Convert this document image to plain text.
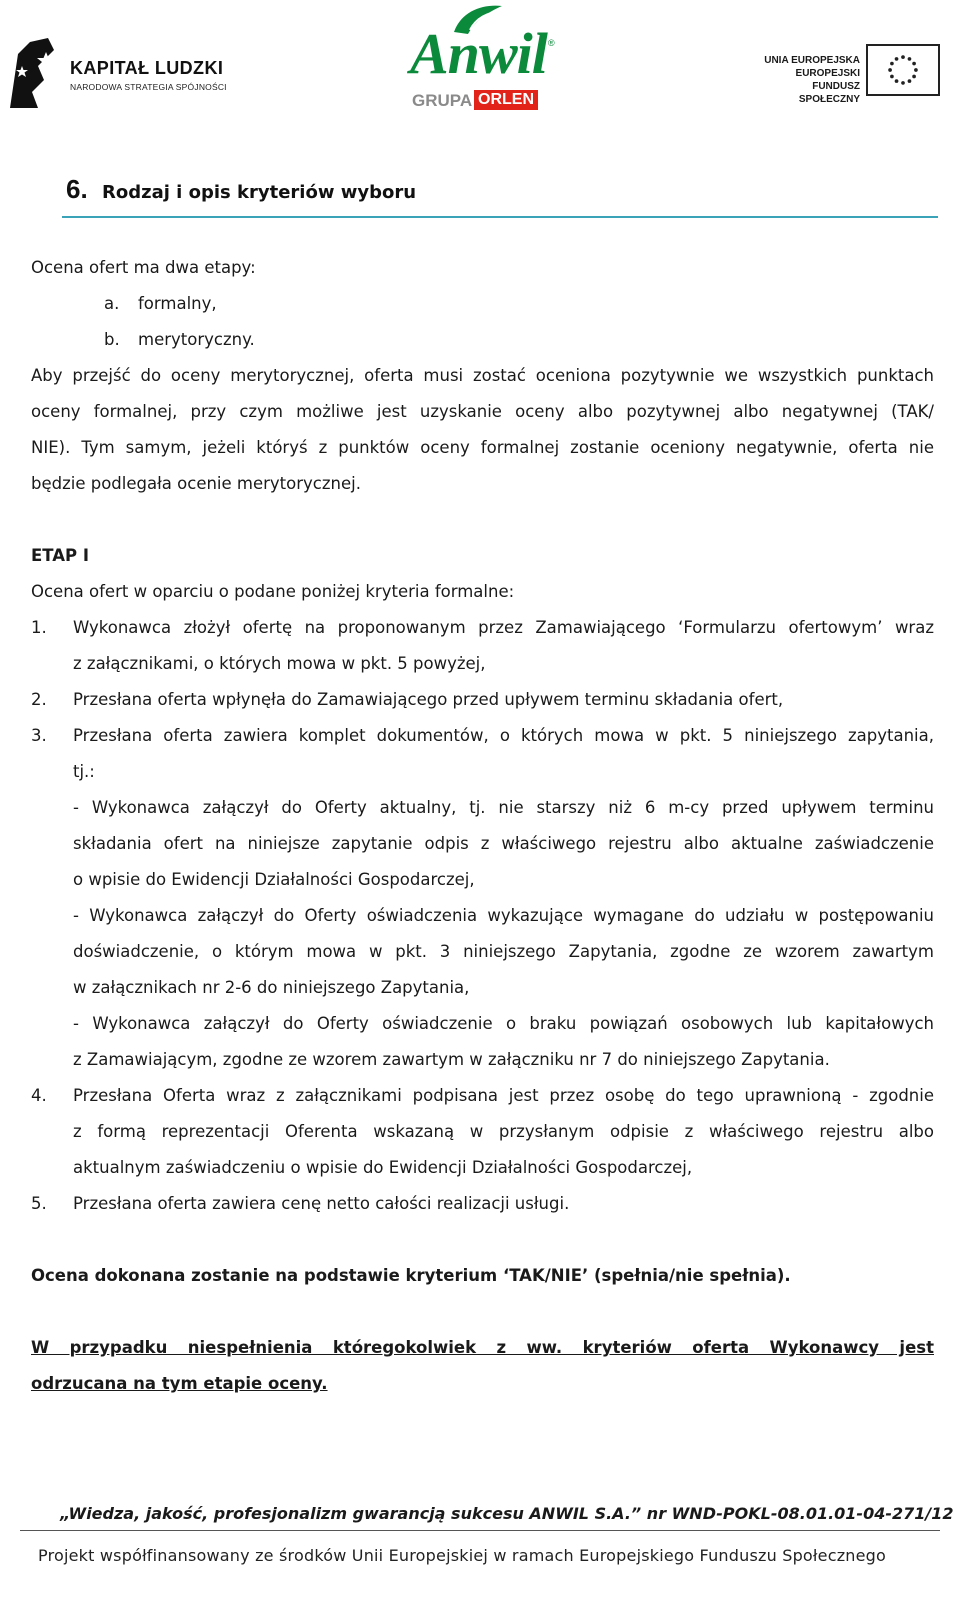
KAPITAŁ LUDZKI
NARODOWA STRATEGIA SPÓJNOŚCI
Anwil ®
GRUPA ORLEN
UNIA EUROPEJSKA
EUROPEJSKI
FUNDUSZ SPOŁECZNY
6. Rodzaj i opis kryteriów wyboru
Ocena ofert ma dwa etapy:
a. formalny,
b. merytoryczny.
Aby przejść do oceny merytorycznej, oferta musi zostać oceniona pozytywnie we wszystkich punktach
oceny formalnej, przy czym możliwe jest uzyskanie oceny albo pozytywnej albo negatywnej (TAK/
NIE). Tym samym, jeżeli któryś z punktów oceny formalnej zostanie oceniony negatywnie, oferta nie
będzie podlegała ocenie merytorycznej.
ETAP I
Ocena ofert w oparciu o podane poniżej kryteria formalne:
1. Wykonawca złożył ofertę na proponowanym przez Zamawiającego ‘Formularzu ofertowym’ wraz
z załącznikami, o których mowa w pkt. 5 powyżej,
2. Przesłana oferta wpłynęła do Zamawiającego przed upływem terminu składania ofert,
3. Przesłana oferta zawiera komplet dokumentów, o których mowa w pkt. 5 niniejszego zapytania,
tj.:
- Wykonawca załączył do Oferty aktualny, tj. nie starszy niż 6 m-cy przed upływem terminu
składania ofert na niniejsze zapytanie odpis z właściwego rejestru albo aktualne zaświadczenie
o wpisie do Ewidencji Działalności Gospodarczej,
- Wykonawca załączył do Oferty oświadczenia wykazujące wymagane do udziału w postępowaniu
doświadczenie, o którym mowa w pkt. 3 niniejszego Zapytania, zgodne ze wzorem zawartym
w załącznikach nr 2-6 do niniejszego Zapytania,
- Wykonawca załączył do Oferty oświadczenie o braku powiązań osobowych lub kapitałowych
z Zamawiającym, zgodne ze wzorem zawartym w załączniku nr 7 do niniejszego Zapytania.
4. Przesłana Oferta wraz z załącznikami podpisana jest przez osobę do tego uprawnioną - zgodnie
z formą reprezentacji Oferenta wskazaną w przysłanym odpisie z właściwego rejestru albo
aktualnym zaświadczeniu o wpisie do Ewidencji Działalności Gospodarczej,
5. Przesłana oferta zawiera cenę netto całości realizacji usługi.
Ocena dokonana zostanie na podstawie kryterium ‘TAK/NIE’ (spełnia/nie spełnia).
W przypadku niespełnienia któregokolwiek z ww. kryteriów oferta Wykonawcy jest
odrzucana na tym etapie oceny.
„Wiedza, jakość, profesjonalizm gwarancją sukcesu ANWIL S.A.” nr WND-POKL-08.01.01-04-271/12
Projekt współfinansowany ze środków Unii Europejskiej w ramach Europejskiego Funduszu Społecznego
